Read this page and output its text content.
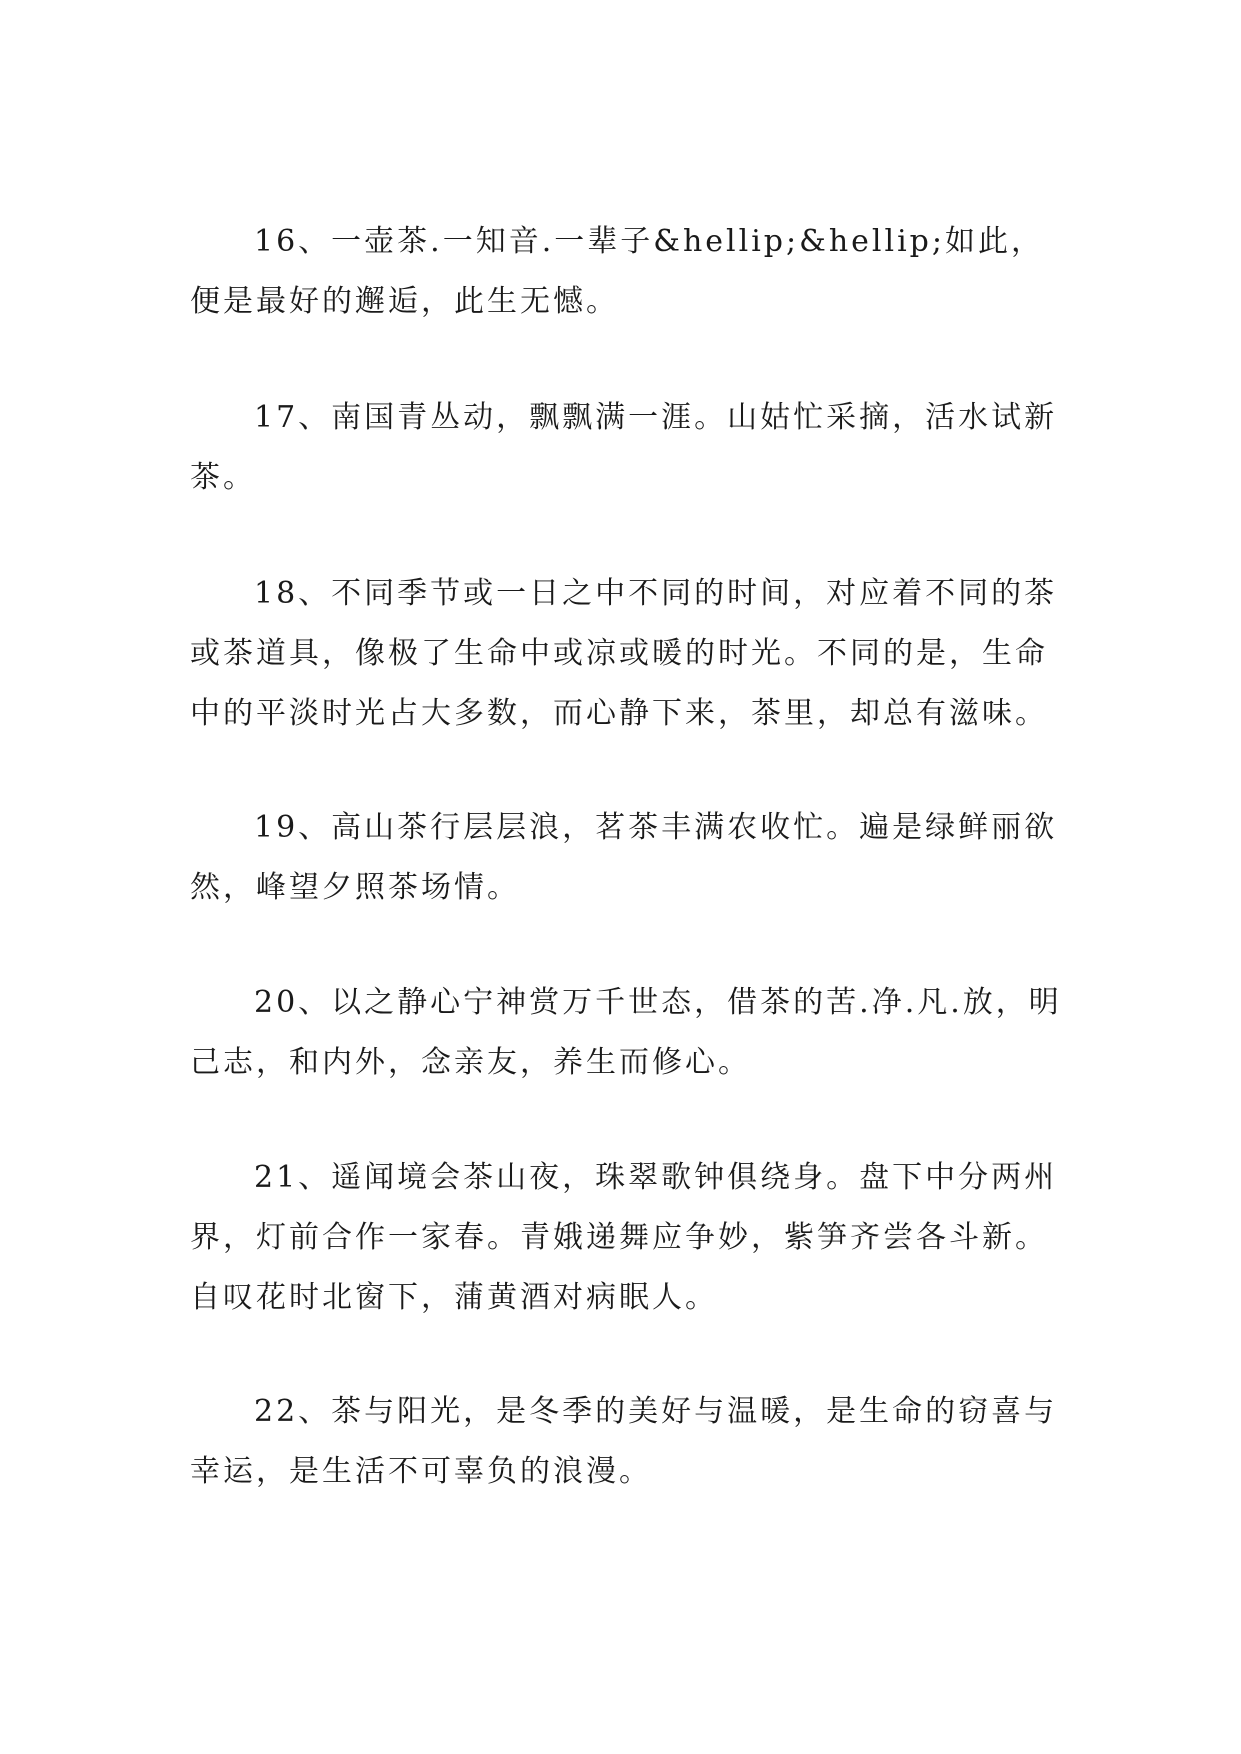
16、一壶茶.一知音.一辈子&hellip;&hellip;如此，便是最好的邂逅，此生无憾。

17、南国青丛动，飘飘满一涯。山姑忙采摘，活水试新茶。

18、不同季节或一日之中不同的时间，对应着不同的茶或茶道具，像极了生命中或凉或暖的时光。不同的是，生命中的平淡时光占大多数，而心静下来，茶里，却总有滋味。

19、高山茶行层层浪，茗茶丰满农收忙。遍是绿鲜丽欲然，峰望夕照茶场情。

20、以之静心宁神赏万千世态，借茶的苦.净.凡.放，明己志，和内外，念亲友，养生而修心。

21、遥闻境会茶山夜，珠翠歌钟俱绕身。盘下中分两州界，灯前合作一家春。青娥递舞应争妙，紫笋齐尝各斗新。自叹花时北窗下，蒲黄酒对病眠人。

22、茶与阳光，是冬季的美好与温暖，是生命的窃喜与幸运，是生活不可辜负的浪漫。
